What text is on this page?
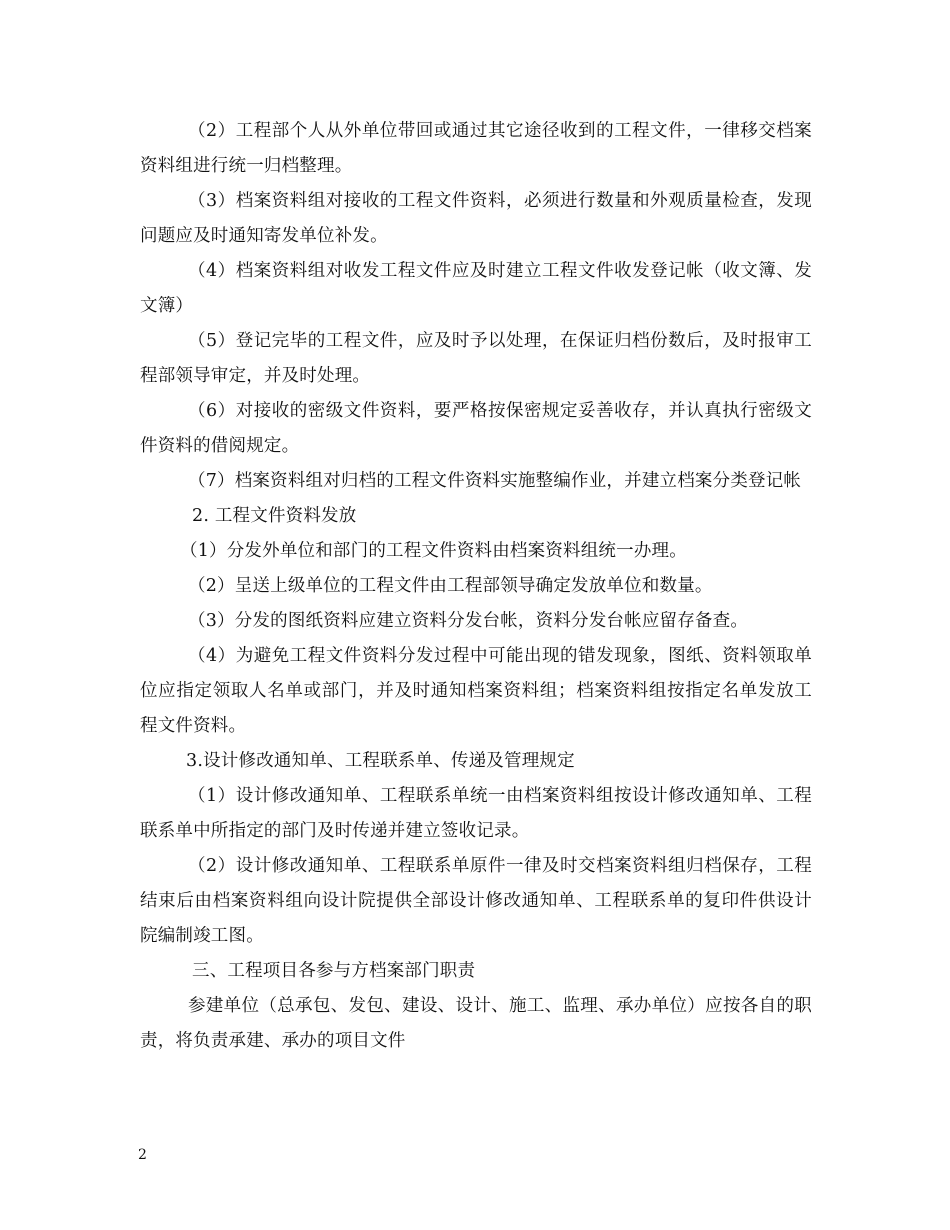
（2）工程部个人从外单位带回或通过其它途径收到的工程文件，一律移交档案资料组进行统一归档整理。

（3）档案资料组对接收的工程文件资料，必须进行数量和外观质量检查，发现问题应及时通知寄发单位补发。

（4）档案资料组对收发工程文件应及时建立工程文件收发登记帐（收文簿、发文簿）

（5）登记完毕的工程文件，应及时予以处理，在保证归档份数后，及时报审工程部领导审定，并及时处理。

（6）对接收的密级文件资料，要严格按保密规定妥善收存，并认真执行密级文件资料的借阅规定。

（7）档案资料组对归档的工程文件资料实施整编作业，并建立档案分类登记帐

2. 工程文件资料发放

（1）分发外单位和部门的工程文件资料由档案资料组统一办理。

（2）呈送上级单位的工程文件由工程部领导确定发放单位和数量。

（3）分发的图纸资料应建立资料分发台帐，资料分发台帐应留存备查。

（4）为避免工程文件资料分发过程中可能出现的错发现象，图纸、资料领取单位应指定领取人名单或部门，并及时通知档案资料组；档案资料组按指定名单发放工程文件资料。

3.设计修改通知单、工程联系单、传递及管理规定

（1）设计修改通知单、工程联系单统一由档案资料组按设计修改通知单、工程联系单中所指定的部门及时传递并建立签收记录。

（2）设计修改通知单、工程联系单原件一律及时交档案资料组归档保存，工程结束后由档案资料组向设计院提供全部设计修改通知单、工程联系单的复印件供设计院编制竣工图。

三、工程项目各参与方档案部门职责

参建单位（总承包、发包、建设、设计、施工、监理、承办单位）应按各自的职责，将负责承建、承办的项目文件

2
